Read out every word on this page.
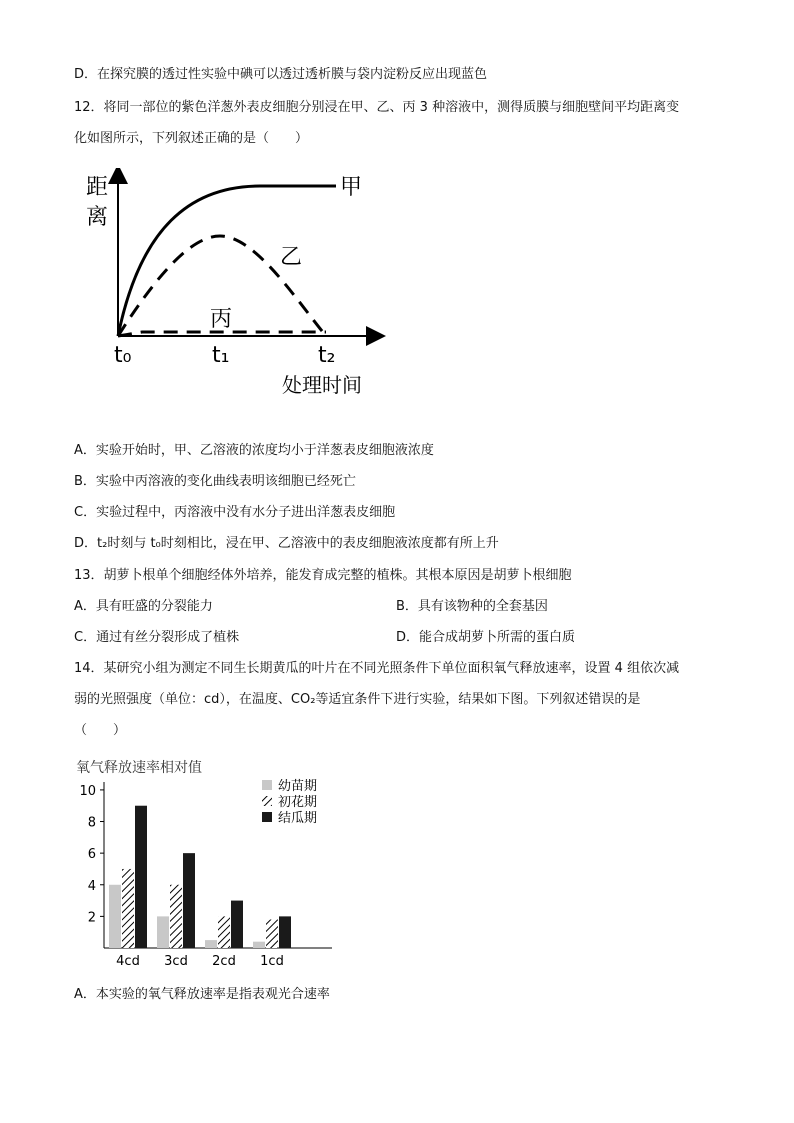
D．在探究膜的透过性实验中碘可以透过透析膜与袋内淀粉反应出现蓝色
12．将同一部位的紫色洋葱外表皮细胞分别浸在甲、乙、丙 3 种溶液中，测得质膜与细胞壁间平均距离变
化如图所示，下列叙述正确的是（　　）
距
离
甲
乙
丙
t₀	t₁	t₂
处理时间
A．实验开始时，甲、乙溶液的浓度均小于洋葱表皮细胞液浓度
B．实验中丙溶液的变化曲线表明该细胞已经死亡
C．实验过程中，丙溶液中没有水分子进出洋葱表皮细胞
D．t₂时刻与 t₀时刻相比，浸在甲、乙溶液中的表皮细胞液浓度都有所上升
13．胡萝卜根单个细胞经体外培养，能发育成完整的植株。其根本原因是胡萝卜根细胞
A．具有旺盛的分裂能力	B．具有该物种的全套基因
C．通过有丝分裂形成了植株	D．能合成胡萝卜所需的蛋白质
14．某研究小组为测定不同生长期黄瓜的叶片在不同光照条件下单位面积氧气释放速率，设置 4 组依次减
弱的光照强度（单位：cd），在温度、CO₂等适宜条件下进行实验，结果如下图。下列叙述错误的是
（　　）
氧气释放速率相对值
2
4
6
8
10
4cd 3cd 2cd 1cd
幼苗期
初花期
结瓜期
A．本实验的氧气释放速率是指表观光合速率
